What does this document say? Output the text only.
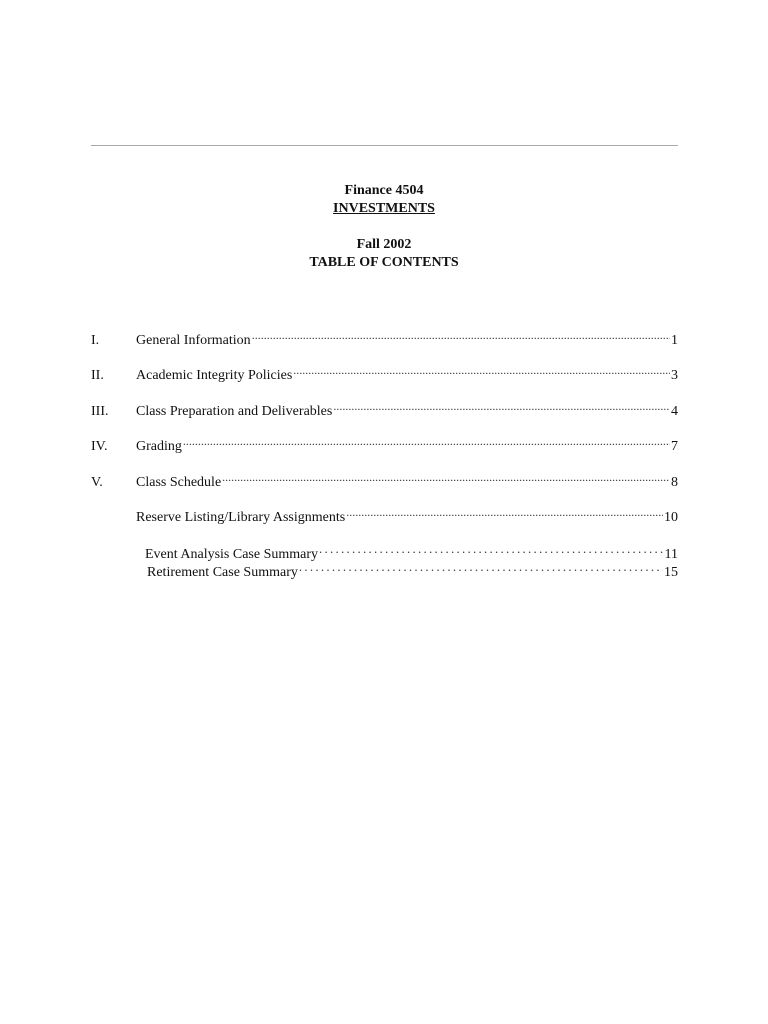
Finance 4504
INVESTMENTS
Fall 2002
TABLE OF CONTENTS
I.	General Information .....	1
II.	Academic Integrity Policies .....	3
III.	Class Preparation and Deliverables .....	4
IV.	Grading .....	7
V.	Class Schedule .....	8
Reserve Listing/Library Assignments .....	10
Event Analysis Case Summary . . .	11
Retirement Case Summary . . .	15
